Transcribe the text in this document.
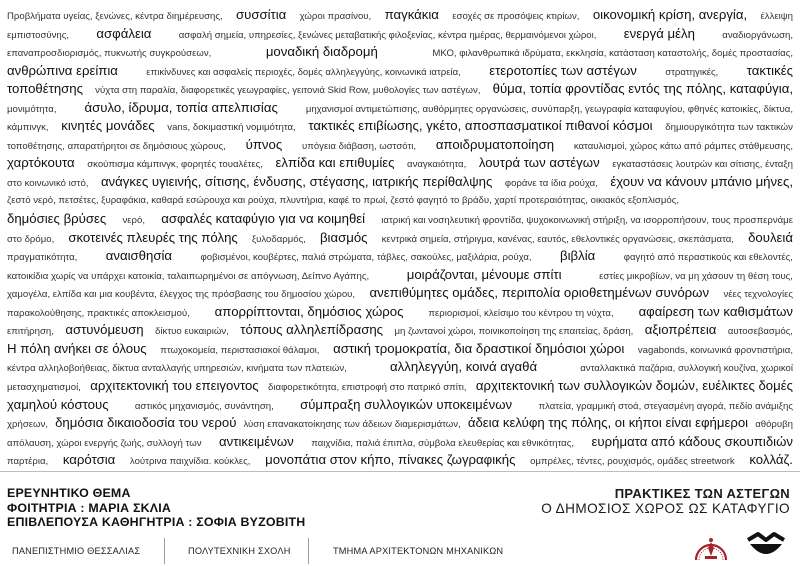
Προβλήματα υγείας, ξενώνες, κέντρα διημέρευσης, συσσίτια χώροι πρασίνου, παγκάκια εσοχές σε προσόψεις κτιρίων, οικονομική κρίση, ανεργία, έλλειψη
εμπιστοσύνης, ασφάλεια	ασφαλή σημεία, υπηρεσίες, ξενώνες μεταβατικής φιλοξενίας, κέντρα ημέρας, θερμαινόμενοι χώροι, ενεργά μέλη	αναδιοργάνωση,
επαναπροσδιορισμός, πυκνωτής συγκρούσεων,	μοναδική διαδρομή	ΜΚΟ, φιλανθρωπικά ιδρύματα, εκκλησία, κατάσταση καταστολής, δομές προστασίας,
ανθρώπινα ερείπια	επικίνδυνες και ασφαλείς περιοχές, δομές αλληλεγγύης, κοινωνικά ιατρεία, ετεροτοπίες των αστέγων	στρατηγικές, τακτικές
τοποθέτησης νύχτα στη παραλία, διαφορετικές γεωγραφίες, γειτονιά Skid Row, μυθολογίες των αστέγων, θύμα, τοπία φροντίδας εντός της πόλης, καταφύγια,
μονιμότητα, άσυλο, ίδρυμα, τοπία απελπισίας	μηχανισμοί αντιμετώπισης, αυθόρμητες οργανώσεις, συνύπαρξη, γεωγραφία καταφυγίου, φθηνές κατοικίες, δίκτυα,
κάμπινγκ, κινητές μονάδες vans, δοκιμαστική νομιμότητα, τακτικές επιβίωσης, γκέτο, αποσπασματικοί πιθανοί κόσμοι δημιουργικότητα των τακτικών
τοποθέτησης, απαρατήρητοι σε δημόσιους χώρους, ύπνος υπόγεια διάβαση, ωστσότι, αποιδρυματοποίηση καταυλισμοί, χώρος κάτω από ράμπες στάθμευσης,
χαρτόκουτα σκούπισμα κάμπινγκ, φορητές τουαλέτες, ελπίδα και επιθυμίες αναγκαιότητα, λουτρά των αστέγων εγκαταστάσεις λουτρών και σίτισης, ένταξη
στο κοινωνικό ιστό, ανάγκες υγιεινής, σίτισης, ένδυσης, στέγασης, ιατρικής περίθαλψης φοράνε τα ίδια ρούχα, έχουν να κάνουν μπάνιο μήνες,
ζεστό νερό, πετσέτες, ξυραφάκια, καθαρά εσώρουχα και ρούχα, πλυντήρια, καφέ το πρωί, ζεστό φαγητό το βράδυ, χαρτί προτεραιότητας, οικιακός εξοπλισμός,
δημόσιες βρύσες νερό, ασφαλές καταφύγιο για να κοιμηθεί ιατρική και νοσηλευτική φροντίδα, ψυχοκοινωνική στήριξη, να ισορροπήσουν, τους προσπερνάμε
στο δρόμο, σκοτεινές πλευρές της πόλης ξυλοδαρμός, βιασμός κεντρικά σημεία, στήριγμα, κανένας, εαυτός, εθελοντικές οργανώσεις, σκεπάσματα, δουλειά
πραγματικότητα, αναισθησία	φοβισμένοι, κουβέρτες, παλιά στρώματα, τάβλες, σακούλες, μαξιλάρια, ρούχα, βιβλία	φαγητό από περαστικούς και εθελοντές,
κατοικίδια χωρίς να υπάρχει κατοικία, ταλαιπωρημένοι σε απόγνωση, Δείπνο Αγάπης,	μοιράζονται, μένουμε σπίτι	εστίες μικροβίων, να μη χάσουν τη θέση τους,
χαμογέλα, ελπίδα και μια κουβέντα, έλεγχος της πρόσβασης του δημοσίου χώρου, ανεπιθύμητες ομάδες, περιπολία οριοθετημένων συνόρων νέες τεχνολογίες
παρακολούθησης, πρακτικές αποκλεισμού, απορρίπτονται, δημόσιος χώρος	περιορισμοί, κλείσιμο του κέντρου τη νύχτα, αφαίρεση των καθισμάτων
επιτήρηση, αστυνόμευση δίκτυο ευκαιριών, τόπους αλληλεπίδρασης μη ζωντανοί χώροι, ποινικοποίηση της επαιτείας, δράση, αξιοπρέπεια αυτοσεβασμός,
Η πόλη ανήκει σε όλους πτωχοκομεία, περιστασιακοί θάλαμοι, αστική τρομοκρατία, δια δραστικοί δημόσιοι χώροι vagabonds, κοινωνικά φροντιστήρια,
κέντρα αλληλοβοήθειας, δίκτυα ανταλλαγής υπηρεσιών, κινήματα των πλατειών,	αλληλεγγύη, κοινά αγαθά	ανταλλακτικά παζάρια, συλλογική κουζίνα, χωρικοί
μετασχηματισμοί, αρχιτεκτονική του επειγοντος διαφορετικότητα, επιστροφή στο πατρικό σπίτι, αρχιτεκτονική των συλλογικών δομών, ευέλικτες δομές
χαμηλού κόστους	αστικός μηχανισμός, συνάντηση, σύμπραξη συλλογικών υποκειμένων	πλατεία, γραμμική στοά, στεγασμένη αγορά, πεδίο ανάμιξης
χρήσεων, δημόσια δικαιοδοσία του νερού λύση επανακατοίκησης των άδειων διαμερισμάτων, άδεια κελύφη της πόλης, οι κήποι είναι εφήμεροι αθόρυβη
απόλαυση, χώροι ενεργής ζωής, συλλογή των αντικειμένων παιχνίδια, παλιά έπιπλα, σύμβολα ελευθερίας και εθνικότητας, ευρήματα από κάδους σκουπιδιών
παρτέρια, καρότσια λούτρινα παιχνίδια. κούκλες, μονοπάτια στον κήπο, πίνακες ζωγραφικής ομπρέλες, τέντες, ρουχισμός, ομάδες streetwork κολλάζ.
ΕΡΕΥΝΗΤΙΚΟ ΘΕΜΑ
ΦΟΙΤΗΤΡΙΑ : ΜΑΡΙΑ ΣΚΛΙΑ
ΕΠΙΒΛΕΠΟΥΣΑ ΚΑΘΗΓΗΤΡΙΑ : ΣΟΦΙΑ ΒΥΖΟΒΙΤΗ
ΠΡΑΚΤΙΚΕΣ ΤΩΝ ΑΣΤΕΓΩΝ
Ο ΔΗΜΟΣΙΟΣ ΧΩΡΟΣ ΩΣ ΚΑΤΑΦΥΓΙΟ
ΠΑΝΕΠΙΣΤΗΜΙΟ ΘΕΣΣΑΛΙΑΣ	ΠΟΛΥΤΕΧΝΙΚΗ ΣΧΟΛΗ	ΤΜΗΜΑ ΑΡΧΙΤΕΚΤΟΝΩΝ ΜΗΧΑΝΙΚΩΝ
